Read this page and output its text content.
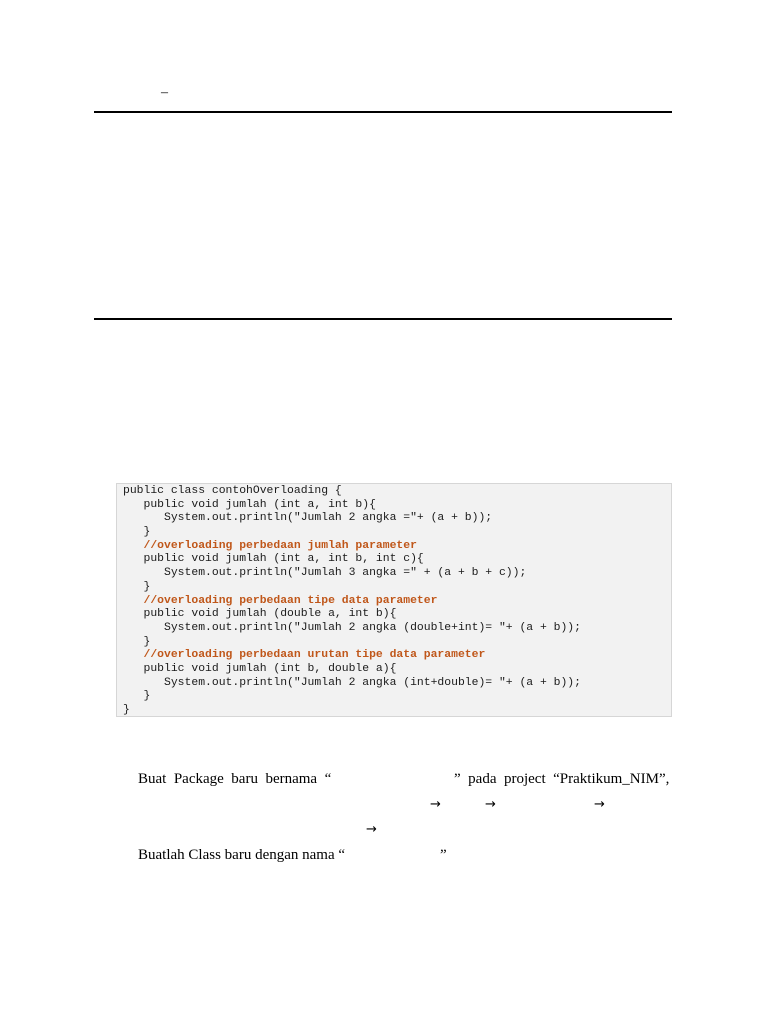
–
public class contohOverloading {
public void jumlah (int a, int b){
System.out.println("Jumlah 2 angka ="+ (a + b));
}
//overloading perbedaan jumlah parameter
public void jumlah (int a, int b, int c){
System.out.println("Jumlah 3 angka =" + (a + b + c));
}
//overloading perbedaan tipe data parameter
public void jumlah (double a, int b){
System.out.println("Jumlah 2 angka (double+int)= "+ (a + b));
}
//overloading perbedaan urutan tipe data parameter
public void jumlah (int b, double a){
System.out.println("Jumlah 2 angka (int+double)= "+ (a + b));
}
}
Buat  Package  baru  bernama  “	”  pada  project  “Praktikum_NIM”,
→	→	→
→
Buatlah Class baru dengan nama “	”
